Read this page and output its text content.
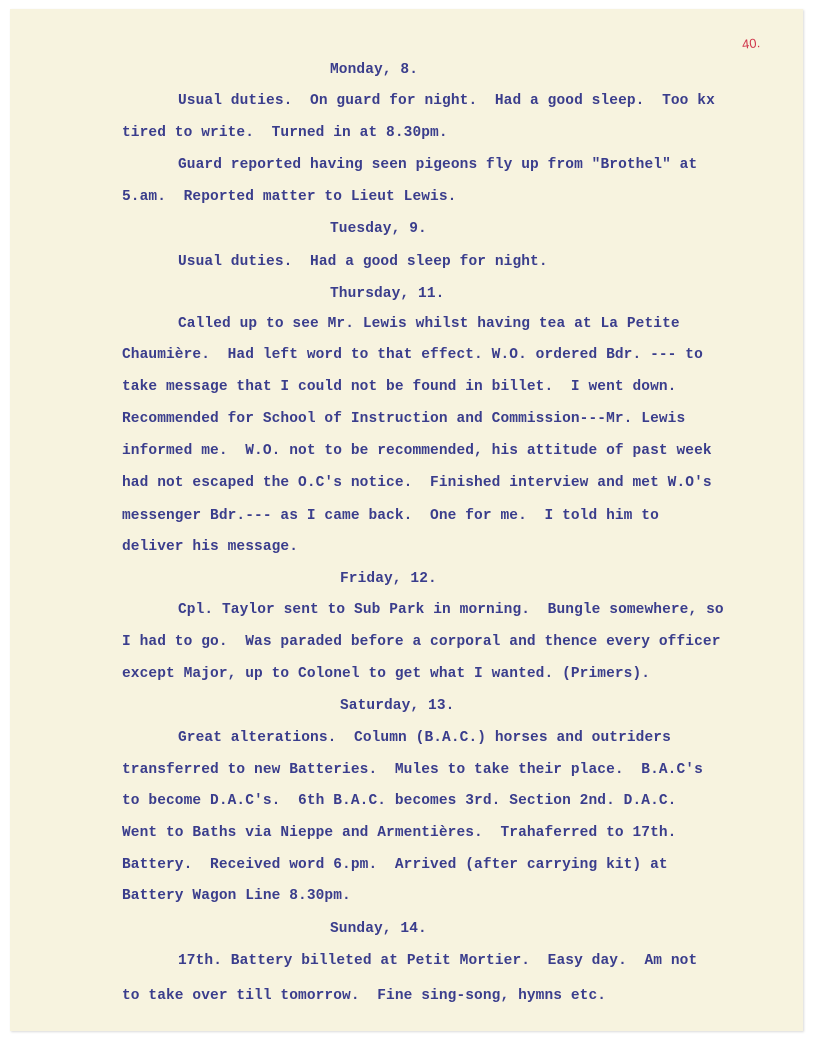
40.
Monday, 8.
Usual duties.  On guard for night.  Had a good sleep.  Too kx
tired to write.  Turned in at 8.30pm.
Guard reported having seen pigeons fly up from "Brothel" at
5.am.  Reported matter to Lieut Lewis.
Tuesday, 9.
Usual duties.  Had a good sleep for night.
Thursday, 11.
Called up to see Mr. Lewis whilst having tea at La Petite
Chaumière.  Had left word to that effect. W.O. ordered Bdr. --- to
take message that I could not be found in billet.  I went down.
Recommended for School of Instruction and Commission---Mr. Lewis
informed me.  W.O. not to be recommended, his attitude of past week
had not escaped the O.C's notice.  Finished interview and met W.O's
messenger Bdr.--- as I came back.  One for me.  I told him to
deliver his message.
Friday, 12.
Cpl. Taylor sent to Sub Park in morning.  Bungle somewhere, so
I had to go.  Was paraded before a corporal and thence every officer
except Major, up to Colonel to get what I wanted. (Primers).
Saturday, 13.
Great alterations.  Column (B.A.C.) horses and outriders
transferred to new Batteries.  Mules to take their place.  B.A.C's
to become D.A.C's.  6th B.A.C. becomes 3rd. Section 2nd. D.A.C.
Went to Baths via Nieppe and Armentières.  Trahaferred to 17th.
Battery.  Received word 6.pm.  Arrived (after carrying kit) at
Battery Wagon Line 8.30pm.
Sunday, 14.
17th. Battery billeted at Petit Mortier.  Easy day.  Am not
to take over till tomorrow.  Fine sing-song, hymns etc.
